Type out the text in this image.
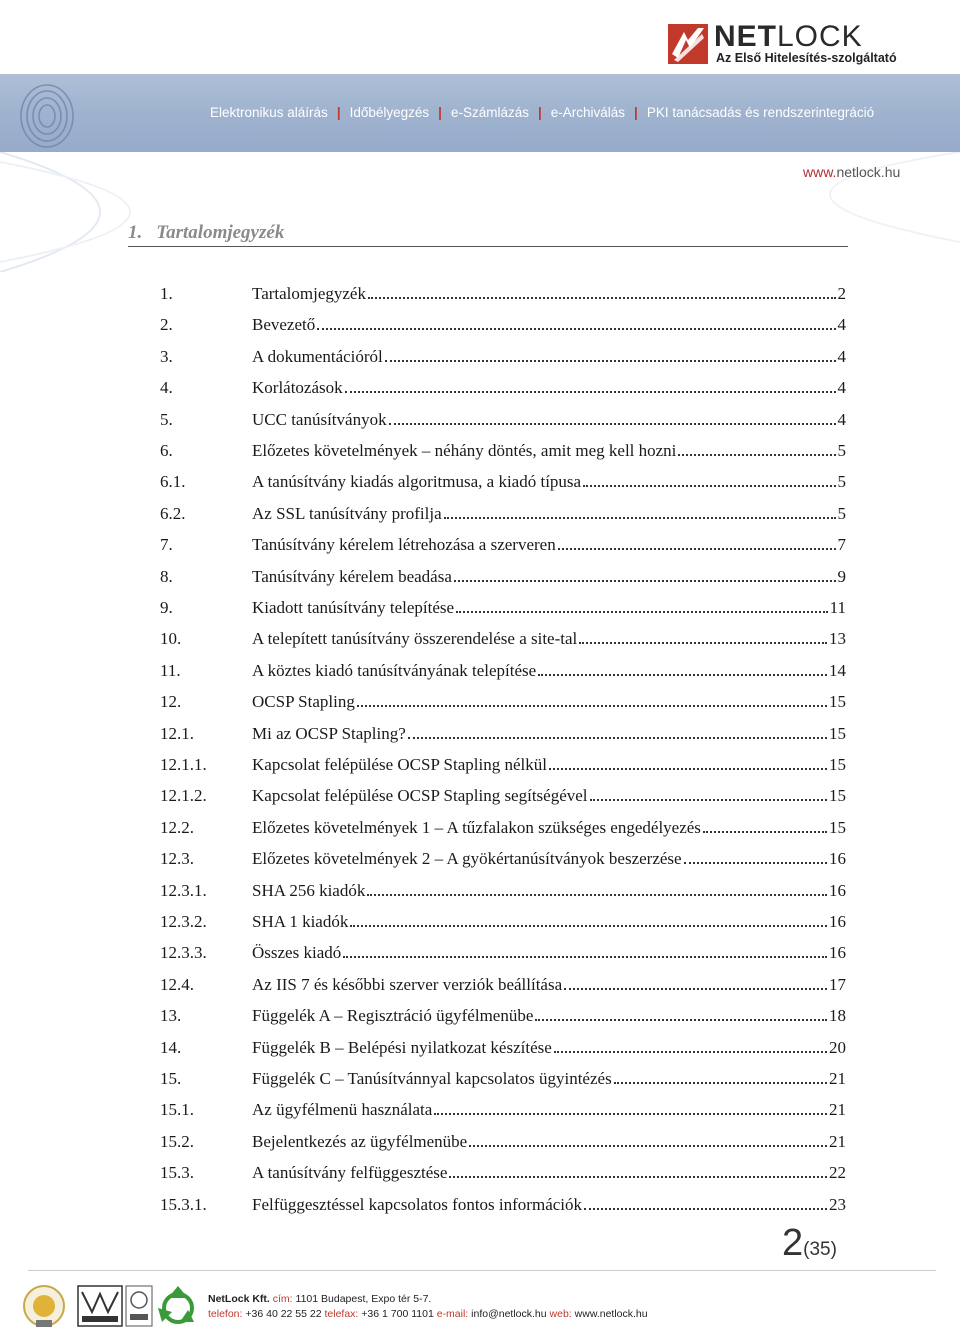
NETLOCK
Az Első Hitelesítés-szolgáltató
Elektronikus aláírás | Időbélyegzés | e-Számlázás | e-Archiválás | PKI tanácsadás és rendszerintegráció
www.netlock.hu
1. Tartalomjegyzék
1.	Tartalomjegyzék	2
2.	Bevezető	4
3.	A dokumentációról	4
4.	Korlátozások	4
5.	UCC tanúsítványok	4
6.	Előzetes követelmények – néhány döntés, amit meg kell hozni	5
6.1.	A tanúsítvány kiadás algoritmusa, a kiadó típusa	5
6.2.	Az SSL tanúsítvány profilja	5
7.	Tanúsítvány kérelem létrehozása a szerveren	7
8.	Tanúsítvány kérelem beadása	9
9.	Kiadott tanúsítvány telepítése	11
10.	A telepített tanúsítvány összerendelése a site-tal	13
11.	A köztes kiadó tanúsítványának telepítése	14
12.	OCSP Stapling	15
12.1.	Mi az OCSP Stapling?	15
12.1.1.	Kapcsolat felépülése OCSP Stapling nélkül	15
12.1.2.	Kapcsolat felépülése OCSP Stapling segítségével	15
12.2.	Előzetes követelmények 1 – A tűzfalakon szükséges engedélyezés	15
12.3.	Előzetes követelmények 2 – A gyökértanúsítványok beszerzése	16
12.3.1.	SHA 256 kiadók	16
12.3.2.	SHA 1 kiadók	16
12.3.3.	Összes kiadó	16
12.4.	Az IIS 7 és későbbi szerver verziók beállítása	17
13.	Függelék A – Regisztráció ügyfélmenübe	18
14.	Függelék B – Belépési nyilatkozat készítése	20
15.	Függelék C – Tanúsítvánnyal kapcsolatos ügyintézés	21
15.1.	Az ügyfélmenü használata	21
15.2.	Bejelentkezés az ügyfélmenübe	21
15.3.	A tanúsítvány felfüggesztése	22
15.3.1.	Felfüggesztéssel kapcsolatos fontos információk	23
2(35)
NetLock Kft. cím: 1101 Budapest, Expo tér 5-7.
telefon: +36 40 22 55 22 telefax: +36 1 700 1101 e-mail: info@netlock.hu web: www.netlock.hu
